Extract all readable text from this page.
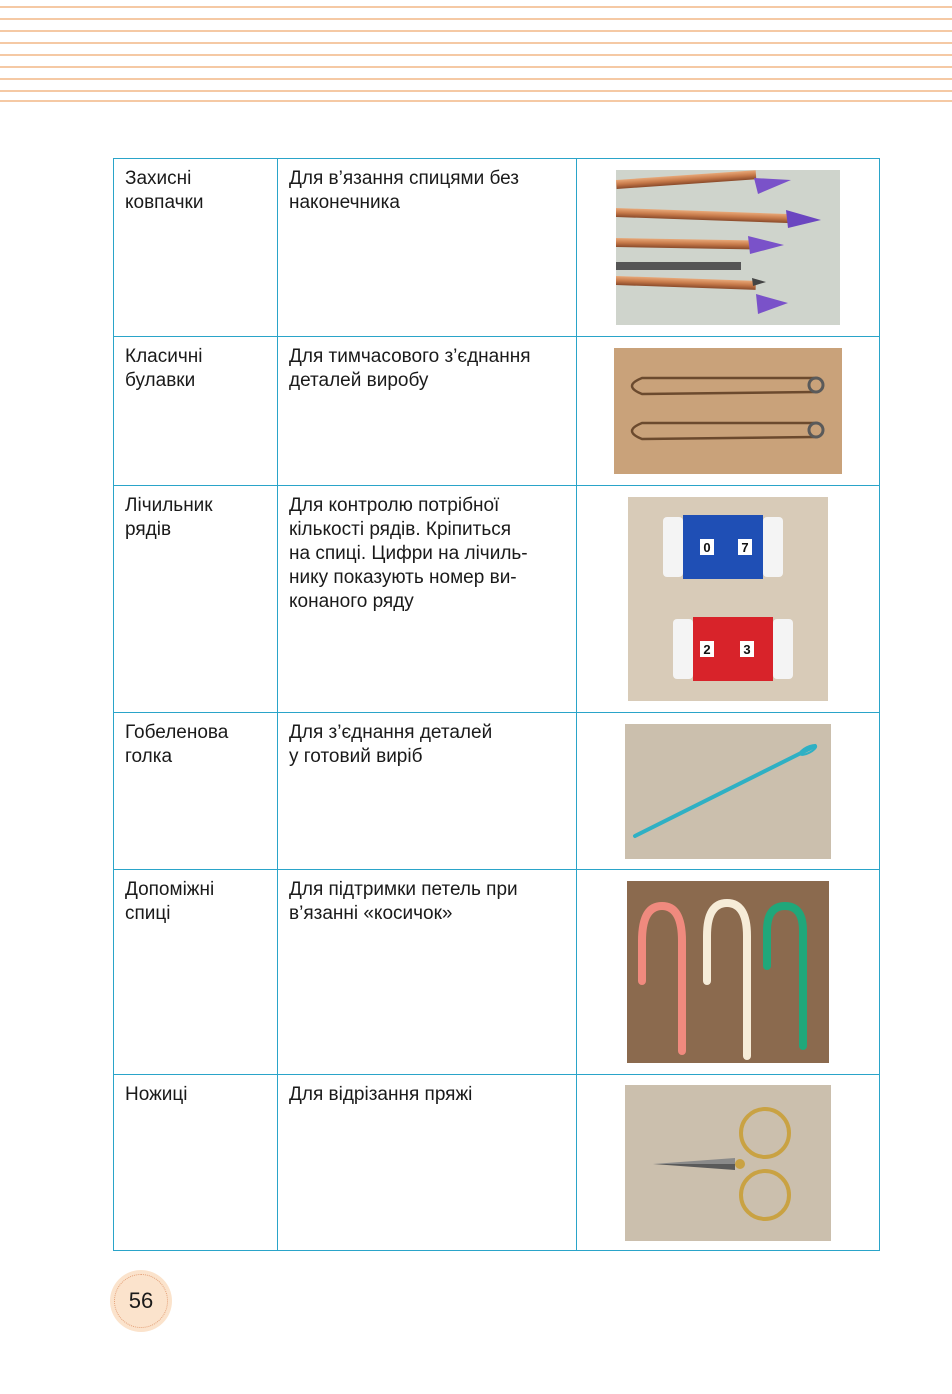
Захисні
ковпачки	Для в’язання спицями без
наконечника	

Класичні
булавки	Для тимчасового з’єднання
деталей виробу	

Лічильник
рядів	Для контролю потрібної
кількості рядів. Кріпиться
на спиці. Цифри на лічиль-
нику показують номер ви-
конаного ряду	0 7
2 3

Гобеленова
голка	Для з’єднання деталей
у готовий виріб	

Допоміжні
спиці	Для підтримки петель при
в’язанні «косичок»	

Ножиці	Для відрізання пряжі	
56
